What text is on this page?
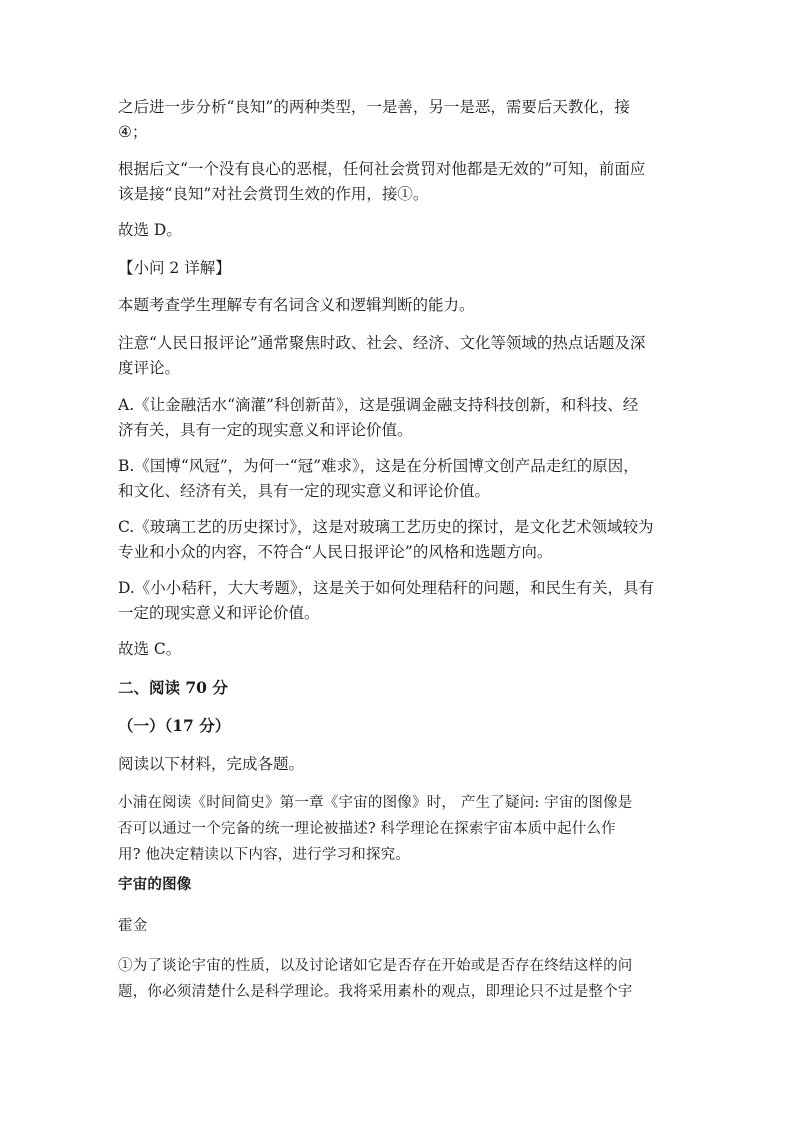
之后进一步分析“良知”的两种类型，一是善，另一是恶，需要后天教化，接
④；
根据后文“一个没有良心的恶棍，任何社会赏罚对他都是无效的”可知，前面应
该是接“良知”对社会赏罚生效的作用，接①。
故选 D。
【小问 2 详解】
本题考查学生理解专有名词含义和逻辑判断的能力。
注意“人民日报评论”通常聚焦时政、社会、经济、文化等领域的热点话题及深
度评论。
A.《让金融活水“滴灌”科创新苗》，这是强调金融支持科技创新，和科技、经
济有关，具有一定的现实意义和评论价值。
B.《国博“风冠”，为何一“冠”难求》，这是在分析国博文创产品走红的原因，
和文化、经济有关，具有一定的现实意义和评论价值。
C.《玻璃工艺的历史探讨》，这是对玻璃工艺历史的探讨，是文化艺术领域较为
专业和小众的内容，不符合“人民日报评论”的风格和选题方向。
D.《小小秸秆，大大考题》，这是关于如何处理秸秆的问题，和民生有关，具有
一定的现实意义和评论价值。
故选 C。
二、阅读 70 分
（一）（17 分）
阅读以下材料，完成各题。
小浦在阅读《时间简史》第一章《宇宙的图像》时， 产生了疑问: 宇宙的图像是
否可以通过一个完备的统一理论被描述? 科学理论在探索宇宙本质中起什么作
用? 他决定精读以下内容，进行学习和探究。
宇宙的图像
霍金
①为了谈论宇宙的性质，以及讨论诸如它是否存在开始或是否存在终结这样的问
题，你必须清楚什么是科学理论。我将采用素朴的观点，即理论只不过是整个宇
